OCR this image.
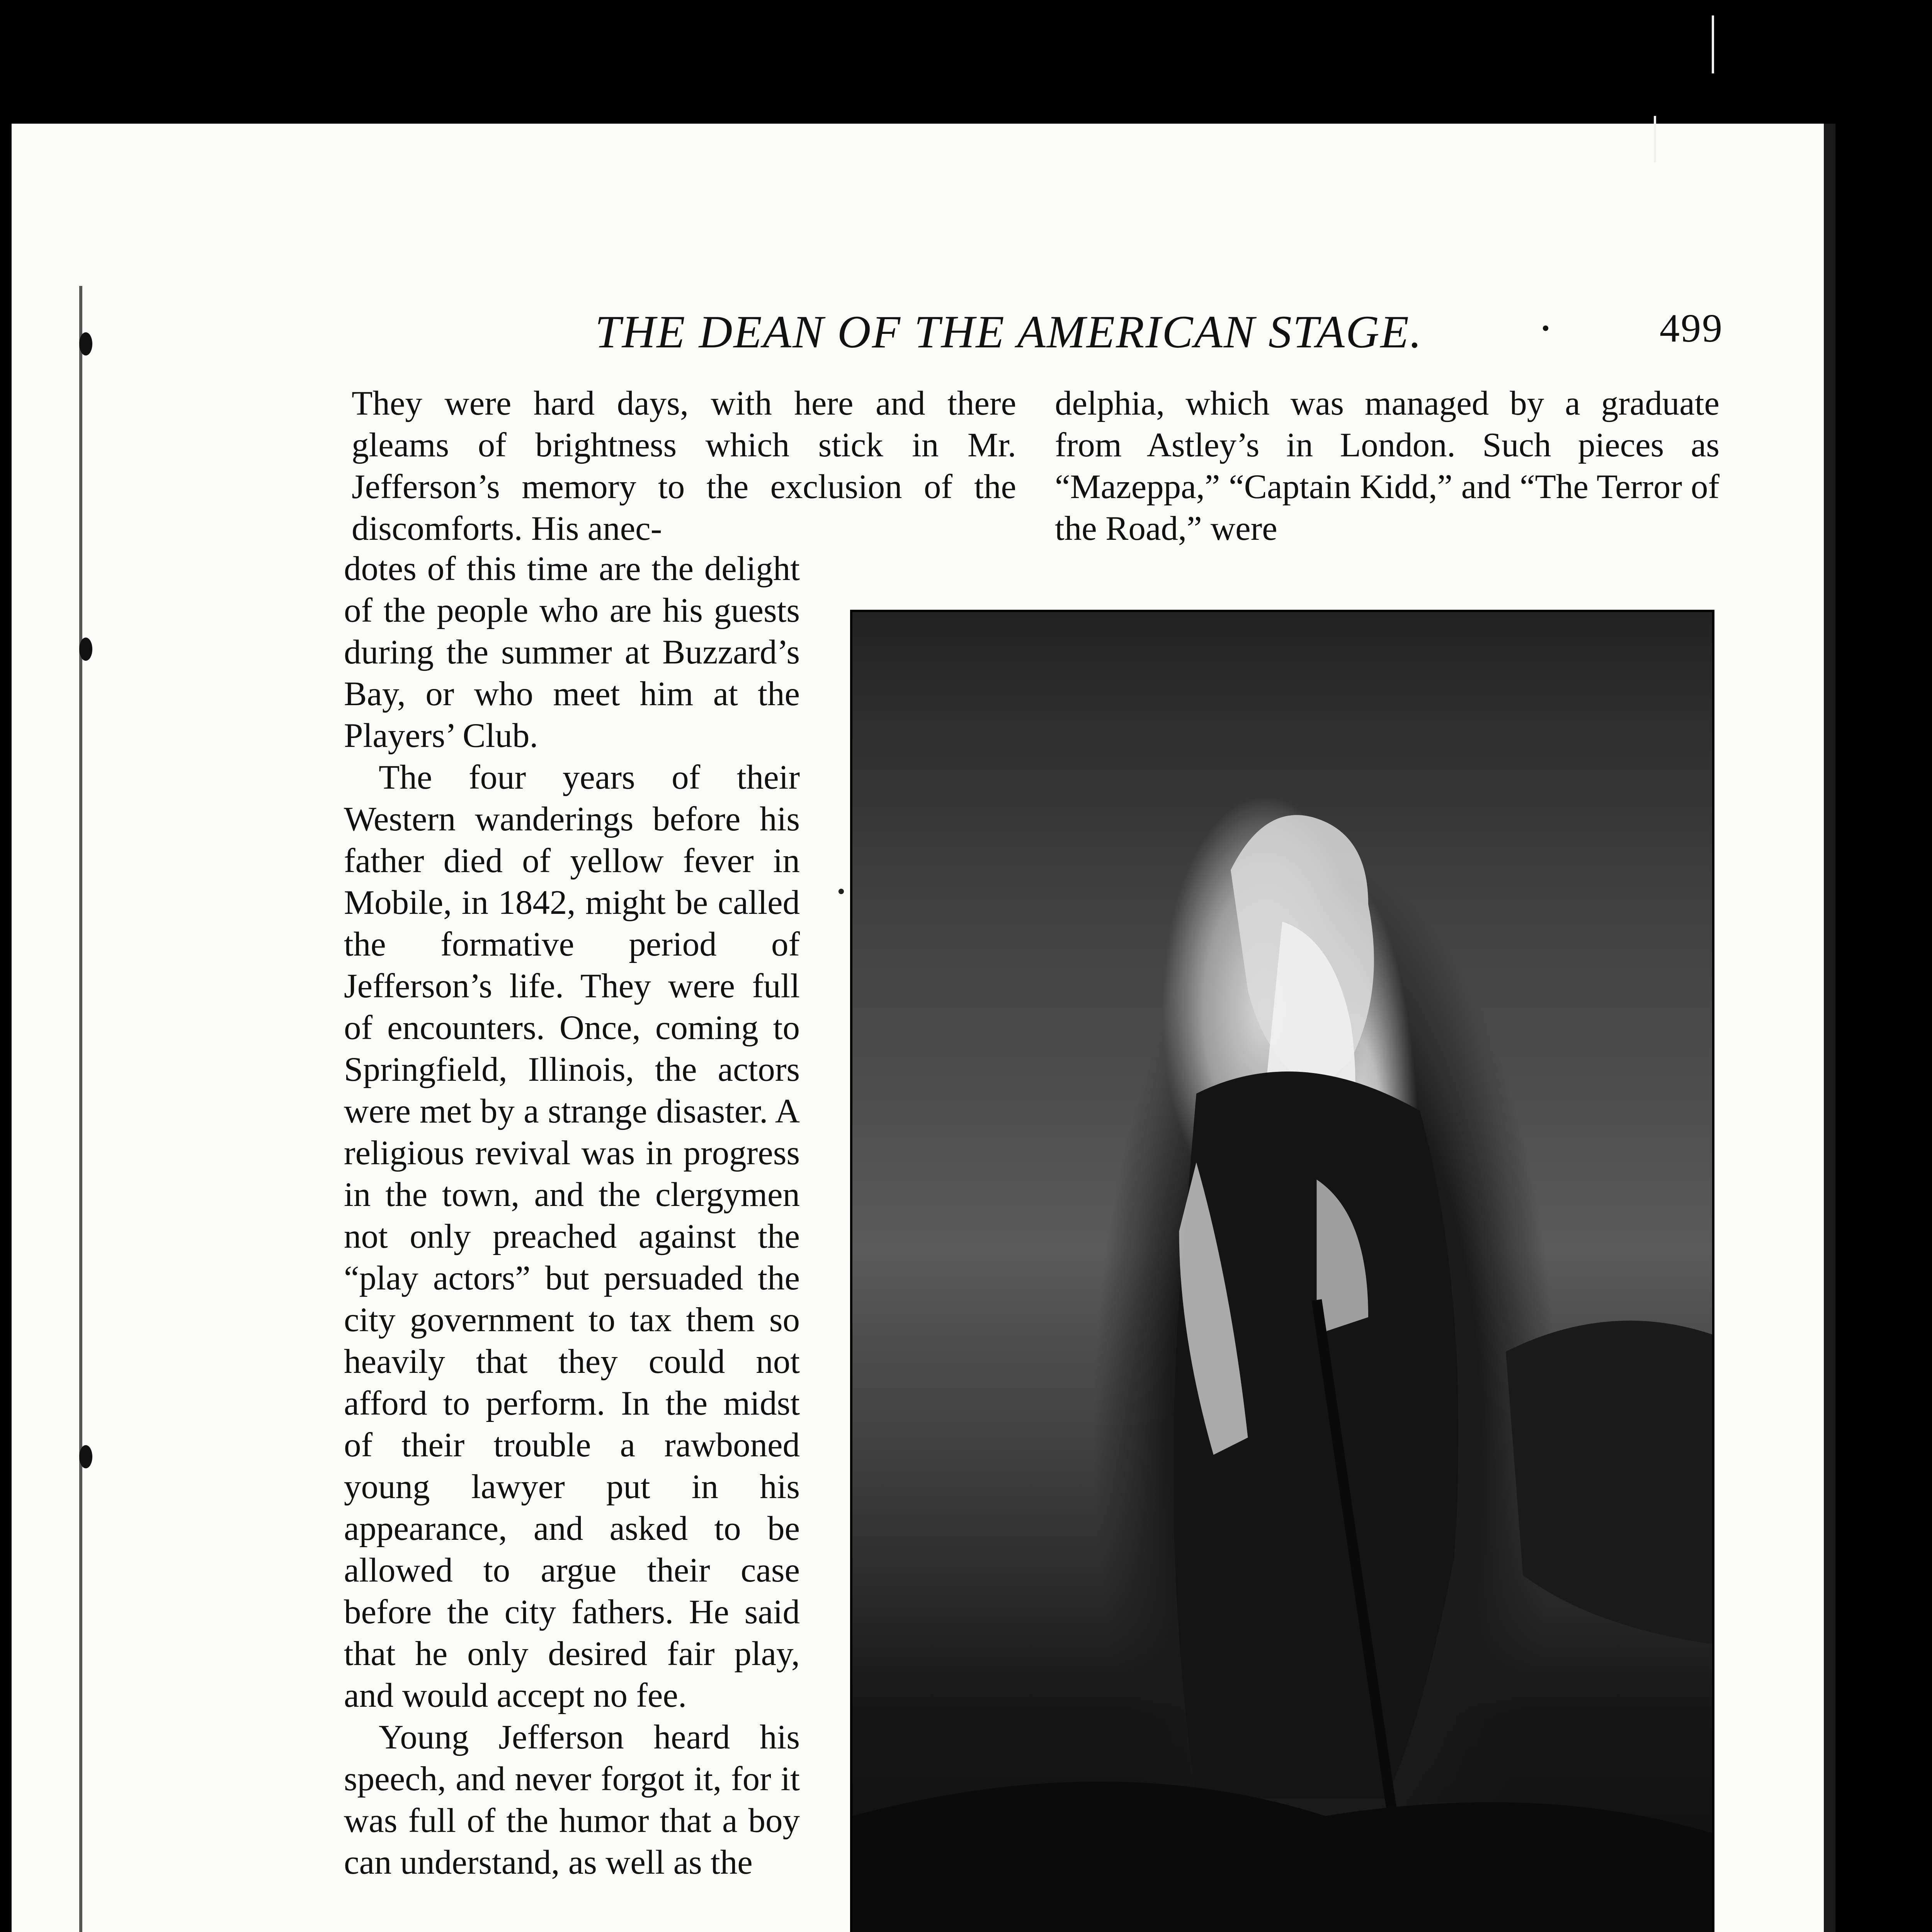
THE DEAN OF THE AMERICAN STAGE. ·	499

They were hard days, with here and there gleams of brightness which stick in Mr. Jefferson’s memory to the exclusion of the discomforts. His anec-

dotes of this time are the delight of the people who are his guests during the summer at Buzzard’s Bay, or who meet him at the Players’ Club.

The four years of their Western wanderings before his father died of yellow fever in Mobile, in 1842, might be called the formative period of Jefferson’s life. They were full of encounters. Once, coming to Springfield, Illinois, the actors were met by a strange disaster. A religious revival was in progress in the town, and the clergymen not only preached against the “play actors” but persuaded the city government to tax them so heavily that they could not afford to perform. In the midst of their trouble a rawboned young lawyer put in his appearance, and asked to be allowed to argue their case before the city fathers. He said that he only desired fair play, and would accept no fee.

Young Jefferson heard his speech, and never forgot it, for it was full of the humor that a boy can understand, as well as the

delphia, which was managed by a graduate from Astley’s in London. Such pieces as “Mazeppa,” “Captain Kidd,” and “The Terror of the Road,” were
